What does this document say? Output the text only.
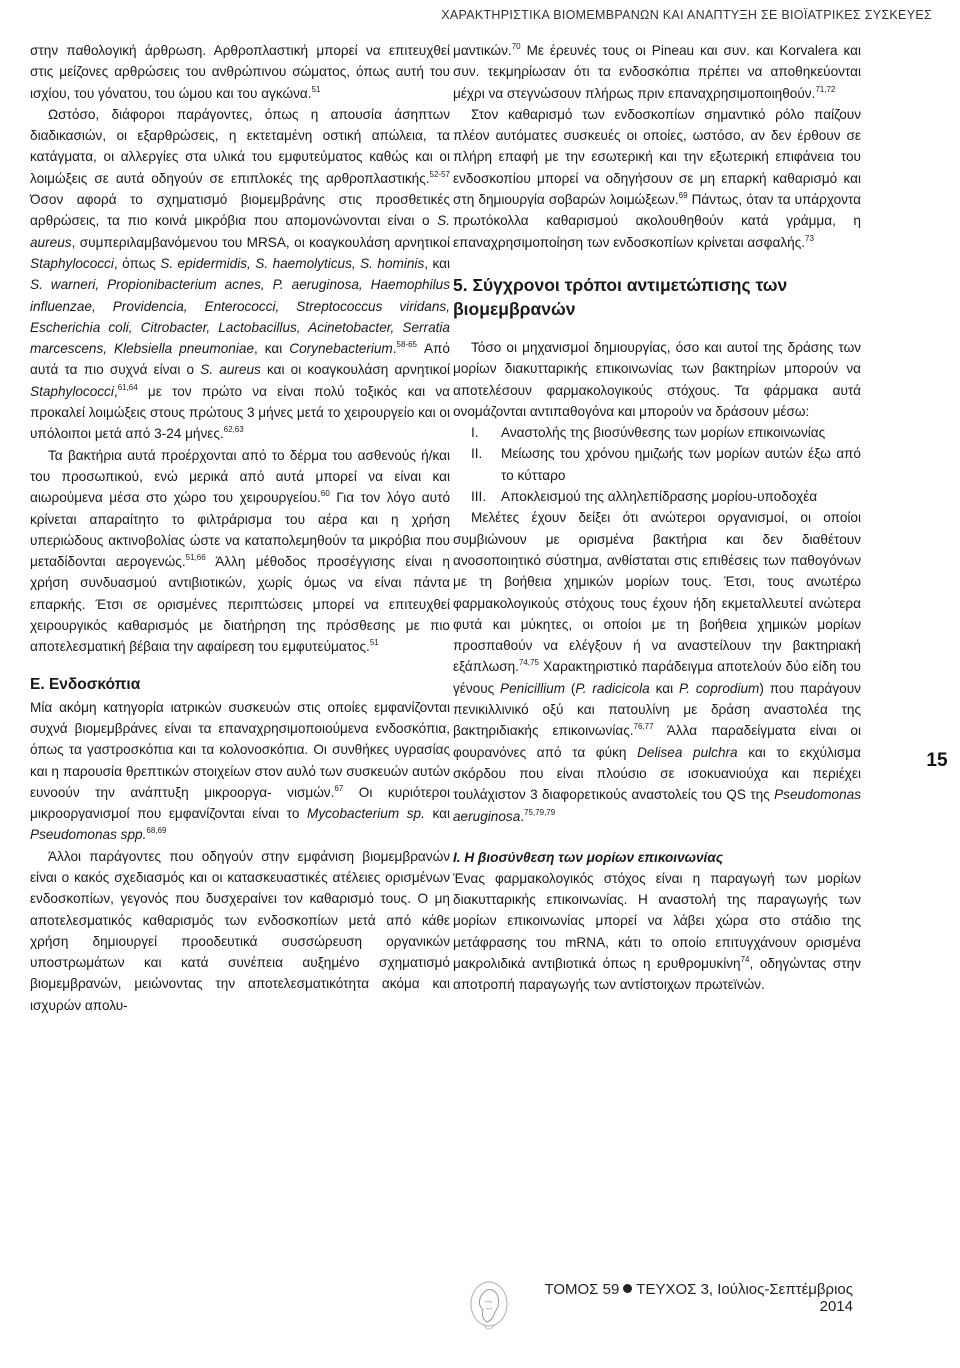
ΧΑΡΑΚΤΗΡΙΣΤΙΚΑ ΒΙΟΜΕΜΒΡΑΝΩΝ ΚΑΙ ΑΝΑΠΤΥΞΗ ΣΕ ΒΙΟΪΑΤΡΙΚΕΣ ΣΥΣΚΕΥΕΣ

στην παθολογική άρθρωση. Αρθροπλαστική μπορεί να επιτευχθεί στις μείζονες αρθρώσεις του ανθρώπινου σώματος, όπως αυτή του ισχίου, του γόνατου, του ώμου και του αγκώνα.$^{51}$

Ωστόσο, διάφοροι παράγοντες, όπως η απουσία άσηπτων διαδικασιών, οι εξαρθρώσεις, η εκτεταμένη οστική απώλεια, τα κατάγματα, οι αλλεργίες στα υλικά του εμφυτεύματος καθώς και οι λοιμώξεις σε αυτά οδηγούν σε επιπλοκές της αρθροπλαστικής.$^{52-57}$ Όσον αφορά το σχηματισμό βιομεμβράνης στις προσθετικές αρθρώσεις, τα πιο κοινά μικρόβια που απομονώνονται είναι ο S. aureus, συμπεριλαμβανόμενου του MRSA, οι κοαγκουλάση αρνητικοί Staphylococci, όπως S. epidermidis, S. haemolyticus, S. hominis, και S. warneri, Propionibacterium acnes, P. aeruginosa, Haemophilus influenzae, Providencia, Enterococci, Streptococcus viridans, Escherichia coli, Citrobacter, Lactobacillus, Acinetobacter, Serratia marcescens, Klebsiella pneumoniae, και Corynebacterium.$^{58-65}$ Από αυτά τα πιο συχνά είναι ο S. aureus και οι κοαγκουλάση αρνητικοί Staphylococci,$^{61,64}$ με τον πρώτο να είναι πολύ τοξικός και να προκαλεί λοιμώξεις στους πρώτους 3 μήνες μετά το χειρουργείο και οι υπόλοιποι μετά από 3-24 μήνες.$^{62,63}$

Τα βακτήρια αυτά προέρχονται από το δέρμα του ασθενούς ή/και του προσωπικού, ενώ μερικά από αυτά μπορεί να είναι και αιωρούμενα μέσα στο χώρο του χειρουργείου.$^{60}$ Για τον λόγο αυτό κρίνεται απαραίτητο το φιλτράρισμα του αέρα και η χρήση υπεριώδους ακτινοβολίας ώστε να καταπολεμηθούν τα μικρόβια που μεταδίδονται αερογενώς.$^{51,66}$ Άλλη μέθοδος προσέγγισης είναι η χρήση συνδυασμού αντιβιοτικών, χωρίς όμως να είναι πάντα επαρκής. Έτσι σε ορισμένες περιπτώσεις μπορεί να επιτευχθεί χειρουργικός καθαρισμός με διατήρηση της πρόσθεσης με πιο αποτελεσματική βέβαια την αφαίρεση του εμφυτεύματος.$^{51}$

Ε. Ενδοσκόπια

Μία ακόμη κατηγορία ιατρικών συσκευών στις οποίες εμφανίζονται συχνά βιομεμβράνες είναι τα επαναχρησιμοποιούμενα ενδοσκόπια, όπως τα γαστροσκόπια και τα κολονοσκόπια. Οι συνθήκες υγρασίας και η παρουσία θρεπτικών στοιχείων στον αυλό των συσκευών αυτών ευνοούν την ανάπτυξη μικροοργα- νισμών.$^{67}$ Οι κυριότεροι μικροοργανισμοί που εμφανίζονται είναι το Mycobacterium sp. και Pseudomonas spp.$^{68,69}$

Άλλοι παράγοντες που οδηγούν στην εμφάνιση βιομεμβρανών είναι ο κακός σχεδιασμός και οι κατασκευαστικές ατέλειες ορισμένων ενδοσκοπίων, γεγονός που δυσχεραίνει τον καθαρισμό τους. Ο μη αποτελεσματικός καθαρισμός των ενδοσκοπίων μετά από κάθε χρήση δημιουργεί προοδευτικά συσσώρευση οργανικών υποστρωμάτων και κατά συνέπεια αυξημένο σχηματισμό βιομεμβρανών, μειώνοντας την αποτελεσματικότητα ακόμα και ισχυρών απολυ-

μαντικών.$^{70}$ Με έρευνές τους οι Pineau και συν. και Korvalera και συν. τεκμηρίωσαν ότι τα ενδοσκόπια πρέπει να αποθηκεύονται μέχρι να στεγνώσουν πλήρως πριν επαναχρησιμοποιηθούν.$^{71,72}$

Στον καθαρισμό των ενδοσκοπίων σημαντικό ρόλο παίζουν πλέον αυτόματες συσκευές οι οποίες, ωστόσο, αν δεν έρθουν σε πλήρη επαφή με την εσωτερική και την εξωτερική επιφάνεια του ενδοσκοπίου μπορεί να οδηγήσουν σε μη επαρκή καθαρισμό και στη δημιουργία σοβαρών λοιμώξεων.$^{69}$ Πάντως, όταν τα υπάρχοντα πρωτόκολλα καθαρισμού ακολουθηθούν κατά γράμμα, η επαναχρησιμοποίηση των ενδοσκοπίων κρίνεται ασφαλής.$^{73}$

5. Σύγχρονοι τρόποι αντιμετώπισης των βιομεμβρανών

Τόσο οι μηχανισμοί δημιουργίας, όσο και αυτοί της δράσης των μορίων διακυτταρικής επικοινωνίας των βακτηρίων μπορούν να αποτελέσουν φαρμακολογικούς στόχους. Τα φάρμακα αυτά ονομάζονται αντιπαθογόνα και μπορούν να δράσουν μέσω:

I.	Αναστολής της βιοσύνθεσης των μορίων επικοινωνίας
II.	Μείωσης του χρόνου ημιζωής των μορίων αυτών έξω από το κύτταρο
III.	Αποκλεισμού της αλληλεπίδρασης μορίου-υποδοχέα

Μελέτες έχουν δείξει ότι ανώτεροι οργανισμοί, οι οποίοι συμβιώνουν με ορισμένα βακτήρια και δεν διαθέτουν ανοσοποιητικό σύστημα, ανθίσταται στις επιθέσεις των παθογόνων με τη βοήθεια χημικών μορίων τους. Έτσι, τους ανωτέρω φαρμακολογικούς στόχους τους έχουν ήδη εκμεταλλευτεί ανώτερα φυτά και μύκητες, οι οποίοι με τη βοήθεια χημικών μορίων προσπαθούν να ελέγξουν ή να αναστείλουν την βακτηριακή εξάπλωση.$^{74,75}$ Χαρακτηριστικό παράδειγμα αποτελούν δύο είδη του γένους Penicillium (P. radicicola και P. coprodium) που παράγουν πενικιλλινικό οξύ και πατουλίνη με δράση αναστολέα της βακτηριδιακής επικοινωνίας.$^{76,77}$ Άλλα παραδείγματα είναι οι φουρανόνες από τα φύκη Delisea pulchra και το εκχύλισμα σκόρδου που είναι πλούσιο σε ισοκυανιούχα και περιέχει τουλάχιστον 3 διαφορετικούς αναστολείς του QS της Pseudomonas aeruginosa.$^{75,79,79}$

Ι. Η βιοσύνθεση των μορίων επικοινωνίας

Ένας φαρμακολογικός στόχος είναι η παραγωγή των μορίων διακυτταρικής επικοινωνίας. Η αναστολή της παραγωγής των μορίων επικοινωνίας μπορεί να λάβει χώρα στο στάδιο της μετάφρασης του mRNA, κάτι το οποίο επιτυγχάνουν ορισμένα μακρολιδικά αντιβιοτικά όπως η ερυθρομυκίνη$^{74}$, οδηγώντας στην αποτροπή παραγωγής των αντίστοιχων πρωτεϊνών.

15
ΤΟΜΟΣ 59 ΤΕΥΧΟΣ 3, Ιούλιος-Σεπτέμβριος 2014
